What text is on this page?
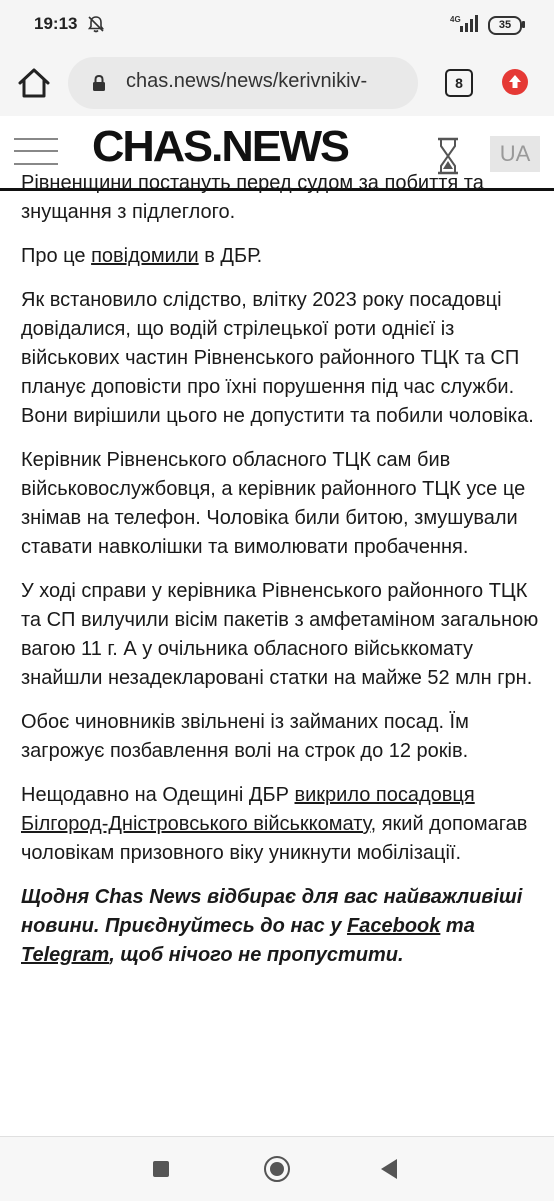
19:13	4G	35
chas.news/news/kerivnikiv-	8
CHAS.NEWS	UA

Рівненщини постануть перед судом за побиття та знущання з підлеглого.

Про це повідомили в ДБР.

Як встановило слідство, влітку 2023 року посадовці довідалися, що водій стрілецької роти однієї із військових частин Рівненського районного ТЦК та СП планує доповісти про їхні порушення під час служби. Вони вирішили цього не допустити та побили чоловіка.

Керівник Рівненського обласного ТЦК сам бив військовослужбовця, а керівник районного ТЦК усе це знімав на телефон. Чоловіка били битою, змушували ставати навколішки та вимолювати пробачення.

У ході справи у керівника Рівненського районного ТЦК та СП вилучили вісім пакетів з амфетаміном загальною вагою 11 г. А у очільника обласного військкомату знайшли незадекларовані статки на майже 52 млн грн.

Обоє чиновників звільнені із займаних посад. Їм загрожує позбавлення волі на строк до 12 років.

Нещодавно на Одещині ДБР викрило посадовця Білгород-Дністровського військкомату, який допомагав чоловікам призовного віку уникнути мобілізації.

Щодня Chas News відбирає для вас найважливіші новини. Приєднуйтесь до нас у Facebook та Telegram, щоб нічого не пропустити.
